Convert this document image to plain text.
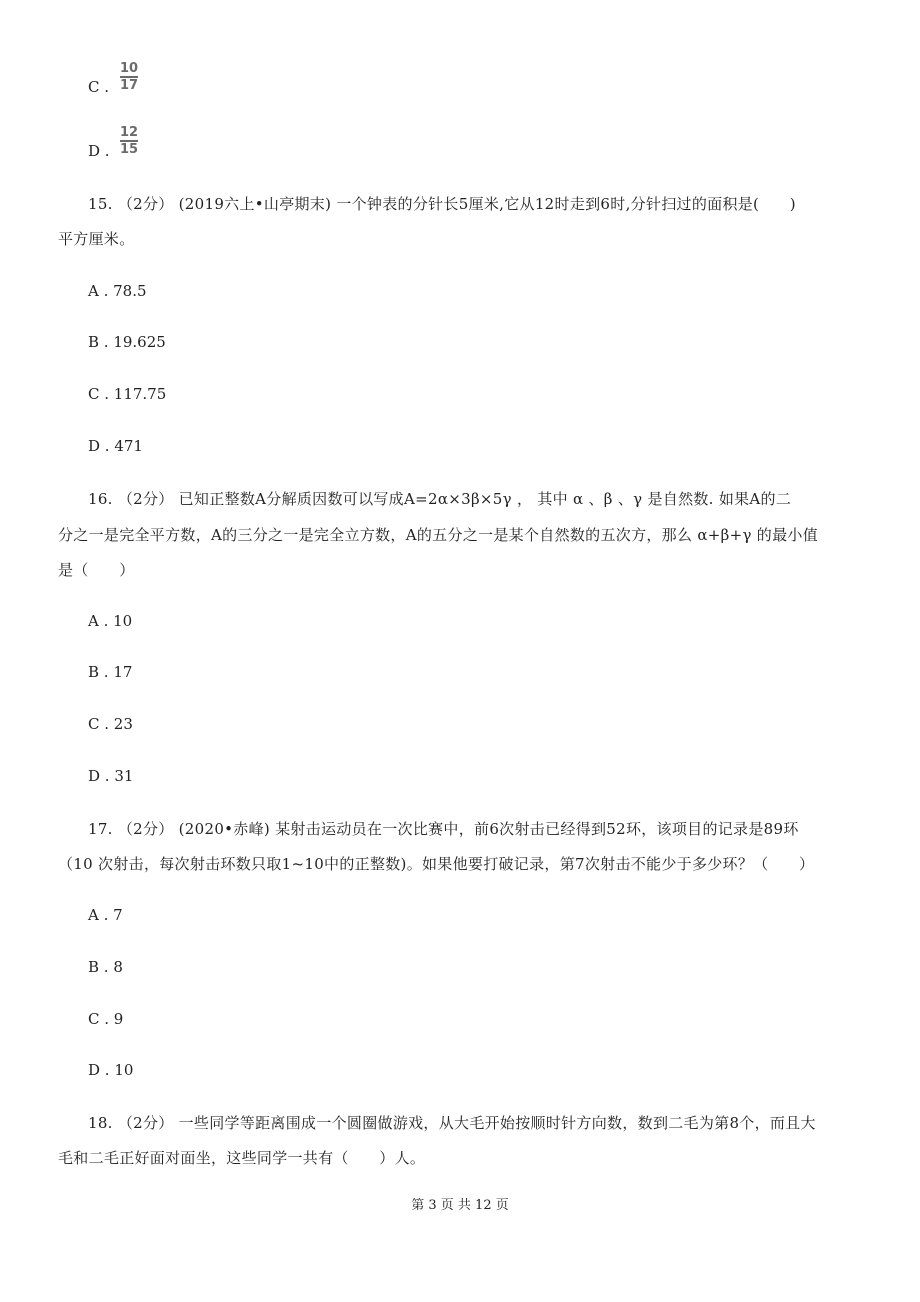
C .
10
17
D .
12
15
15. （2分） (2019六上•山亭期末) 一个钟表的分针长5厘米,它从12时走到6时,分针扫过的面积是(　　)
平方厘米。
A . 78.5
B . 19.625
C . 117.75
D . 471
16. （2分） 已知正整数A分解质因数可以写成A=2α×3β×5γ ， 其中 α 、β 、γ 是自然数. 如果A的二
分之一是完全平方数，A的三分之一是完全立方数，A的五分之一是某个自然数的五次方，那么 α+β+γ 的最小值
是（　　）
A . 10
B . 17
C . 23
D . 31
17. （2分） (2020•赤峰) 某射击运动员在一次比赛中，前6次射击已经得到52环，该项目的记录是89环
（10 次射击，每次射击环数只取1~10中的正整数)。如果他要打破记录，第7次射击不能少于多少环？（　　）
A . 7
B . 8
C . 9
D . 10
18. （2分） 一些同学等距离围成一个圆圈做游戏，从大毛开始按顺时针方向数，数到二毛为第8个，而且大
毛和二毛正好面对面坐，这些同学一共有（　　）人。
第 3 页 共 12 页
